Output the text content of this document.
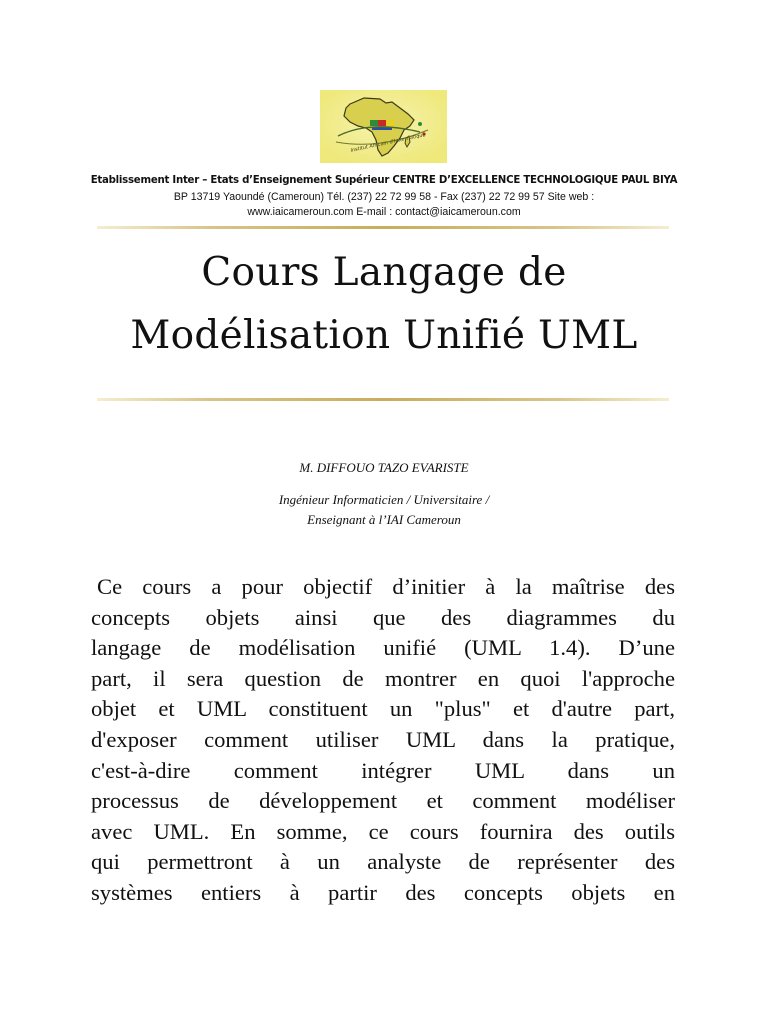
Institut Africain d'Informatique
Etablissement Inter – Etats d’Enseignement Supérieur CENTRE D’EXCELLENCE TECHNOLOGIQUE PAUL BIYA
BP 13719 Yaoundé (Cameroun) Tél. (237) 22 72 99 58 - Fax (237) 22 72 99 57 Site web :
www.iaicameroun.com E-mail : contact@iaicameroun.com
Cours Langage de
Modélisation Unifié UML
M. DIFFOUO TAZO EVARISTE
Ingénieur Informaticien / Universitaire /
Enseignant à l’IAI Cameroun
Ce cours a pour objectif d’initier à la maîtrise des
concepts objets ainsi que des diagrammes du
langage de modélisation unifié (UML 1.4). D’une
part, il sera question de montrer en quoi l'approche
objet et UML constituent un "plus" et d'autre part,
d'exposer comment utiliser UML dans la pratique,
c'est-à-dire comment intégrer UML dans un
processus de développement et comment modéliser
avec UML. En somme, ce cours fournira des outils
qui permettront à un analyste de représenter des
systèmes entiers à partir des concepts objets en
